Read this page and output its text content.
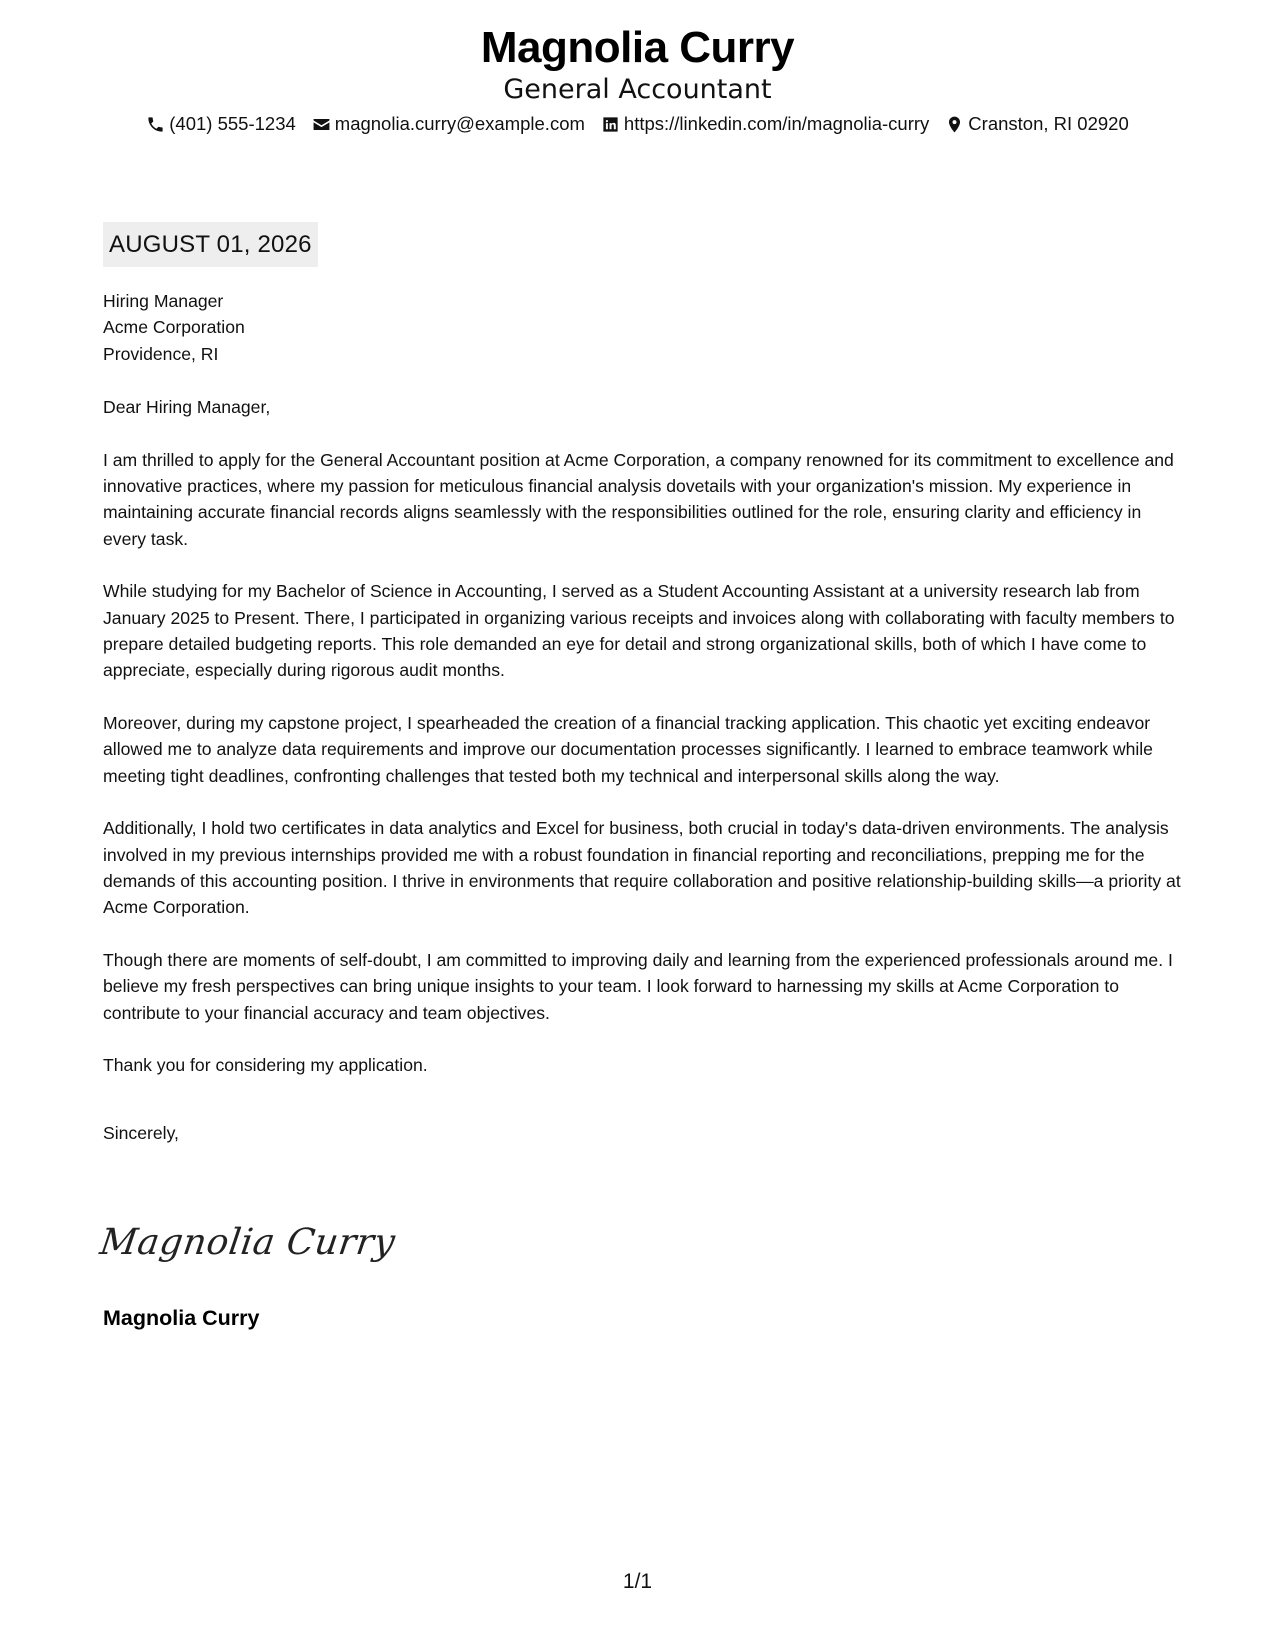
Magnolia Curry
General Accountant
(401) 555-1234 magnolia.curry@example.com https://linkedin.com/in/magnolia-curry Cranston, RI 02920
AUGUST 01, 2026
Hiring Manager
Acme Corporation
Providence, RI
Dear Hiring Manager,
I am thrilled to apply for the General Accountant position at Acme Corporation, a company renowned for its commitment to excellence and innovative practices, where my passion for meticulous financial analysis dovetails with your organization's mission. My experience in maintaining accurate financial records aligns seamlessly with the responsibilities outlined for the role, ensuring clarity and efficiency in every task.
While studying for my Bachelor of Science in Accounting, I served as a Student Accounting Assistant at a university research lab from January 2025 to Present. There, I participated in organizing various receipts and invoices along with collaborating with faculty members to prepare detailed budgeting reports. This role demanded an eye for detail and strong organizational skills, both of which I have come to appreciate, especially during rigorous audit months.
Moreover, during my capstone project, I spearheaded the creation of a financial tracking application. This chaotic yet exciting endeavor allowed me to analyze data requirements and improve our documentation processes significantly. I learned to embrace teamwork while meeting tight deadlines, confronting challenges that tested both my technical and interpersonal skills along the way.
Additionally, I hold two certificates in data analytics and Excel for business, both crucial in today's data-driven environments. The analysis involved in my previous internships provided me with a robust foundation in financial reporting and reconciliations, prepping me for the demands of this accounting position. I thrive in environments that require collaboration and positive relationship-building skills—a priority at Acme Corporation.
Though there are moments of self-doubt, I am committed to improving daily and learning from the experienced professionals around me. I believe my fresh perspectives can bring unique insights to your team. I look forward to harnessing my skills at Acme Corporation to contribute to your financial accuracy and team objectives.
Thank you for considering my application.
Sincerely,
Magnolia Curry
Magnolia Curry
1/1
